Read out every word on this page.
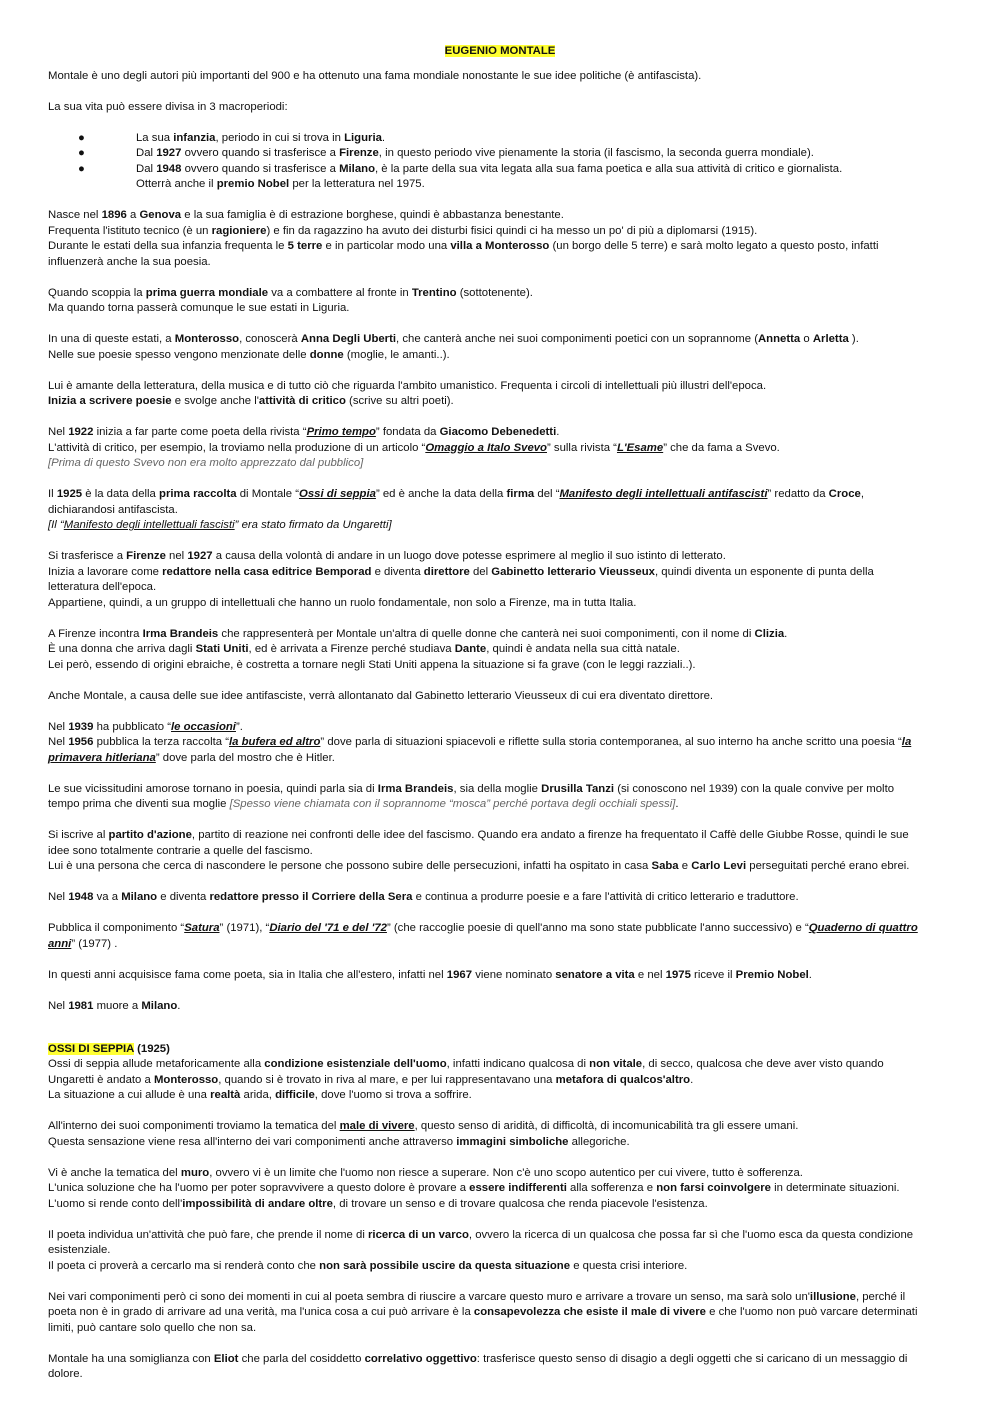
EUGENIO MONTALE

Montale è uno degli autori più importanti del 900 e ha ottenuto una fama mondiale nonostante le sue idee politiche (è antifascista).

La sua vita può essere divisa in 3 macroperiodi:

●	La sua infanzia, periodo in cui si trova in Liguria.
●	Dal 1927 ovvero quando si trasferisce a Firenze, in questo periodo vive pienamente la storia (il fascismo, la seconda guerra mondiale).
●	Dal 1948 ovvero quando si trasferisce a Milano, è la parte della sua vita legata alla sua fama poetica e alla sua attività di critico e giornalista.
Otterrà anche il premio Nobel per la letteratura nel 1975.

Nasce nel 1896 a Genova e la sua famiglia è di estrazione borghese, quindi è abbastanza benestante.
Frequenta l'istituto tecnico (è un ragioniere) e fin da ragazzino ha avuto dei disturbi fisici quindi ci ha messo un po' di più a diplomarsi (1915).
Durante le estati della sua infanzia frequenta le 5 terre e in particolar modo una villa a Monterosso (un borgo delle 5 terre) e sarà molto legato a questo posto, infatti
influenzerà anche la sua poesia.

Quando scoppia la prima guerra mondiale va a combattere al fronte in Trentino (sottotenente).
Ma quando torna passerà comunque le sue estati in Liguria.

In una di queste estati, a Monterosso, conoscerà Anna Degli Uberti, che canterà anche nei suoi componimenti poetici con un soprannome (Annetta o Arletta ).
Nelle sue poesie spesso vengono menzionate delle donne (moglie, le amanti..).

Lui è amante della letteratura, della musica e di tutto ciò che riguarda l'ambito umanistico. Frequenta i circoli di intellettuali più illustri dell'epoca.
Inizia a scrivere poesie e svolge anche l'attività di critico (scrive su altri poeti).

Nel 1922 inizia a far parte come poeta della rivista “Primo tempo” fondata da Giacomo Debenedetti.
L'attività di critico, per esempio, la troviamo nella produzione di un articolo “Omaggio a Italo Svevo” sulla rivista “L'Esame” che da fama a Svevo.
[Prima di questo Svevo non era molto apprezzato dal pubblico]

Il 1925 è la data della prima raccolta di Montale “Ossi di seppia” ed è anche la data della firma del “Manifesto degli intellettuali antifascisti” redatto da Croce,
dichiarandosi antifascista.
[Il “Manifesto degli intellettuali fascisti” era stato firmato da Ungaretti]

Si trasferisce a Firenze nel 1927 a causa della volontà di andare in un luogo dove potesse esprimere al meglio il suo istinto di letterato.
Inizia a lavorare come redattore nella casa editrice Bemporad e diventa direttore del Gabinetto letterario Vieusseux, quindi diventa un esponente di punta della
letteratura dell'epoca.
Appartiene, quindi, a un gruppo di intellettuali che hanno un ruolo fondamentale, non solo a Firenze, ma in tutta Italia.

A Firenze incontra Irma Brandeis che rappresenterà per Montale un'altra di quelle donne che canterà nei suoi componimenti, con il nome di Clizia.
È una donna che arriva dagli Stati Uniti, ed è arrivata a Firenze perché studiava Dante, quindi è andata nella sua città natale.
Lei però, essendo di origini ebraiche, è costretta a tornare negli Stati Uniti appena la situazione si fa grave (con le leggi razziali..).

Anche Montale, a causa delle sue idee antifasciste, verrà allontanato dal Gabinetto letterario Vieusseux di cui era diventato direttore.

Nel 1939 ha pubblicato “le occasioni”.
Nel 1956 pubblica la terza raccolta “la bufera ed altro” dove parla di situazioni spiacevoli e riflette sulla storia contemporanea, al suo interno ha anche scritto una poesia “la
primavera hitleriana” dove parla del mostro che è Hitler.

Le sue vicissitudini amorose tornano in poesia, quindi parla sia di Irma Brandeis, sia della moglie Drusilla Tanzi (si conoscono nel 1939) con la quale convive per molto
tempo prima che diventi sua moglie [Spesso viene chiamata con il soprannome “mosca” perché portava degli occhiali spessi].

Si iscrive al partito d'azione, partito di reazione nei confronti delle idee del fascismo. Quando era andato a firenze ha frequentato il Caffè delle Giubbe Rosse, quindi le sue
idee sono totalmente contrarie a quelle del fascismo.
Lui è una persona che cerca di nascondere le persone che possono subire delle persecuzioni, infatti ha ospitato in casa Saba e Carlo Levi perseguitati perché erano ebrei.

Nel 1948 va a Milano e diventa redattore presso il Corriere della Sera e continua a produrre poesie e a fare l'attività di critico letterario e traduttore.

Pubblica il componimento “Satura” (1971), “Diario del '71 e del '72” (che raccoglie poesie di quell'anno ma sono state pubblicate l'anno successivo) e “Quaderno di quattro
anni” (1977) .

In questi anni acquisisce fama come poeta, sia in Italia che all'estero, infatti nel 1967 viene nominato senatore a vita e nel 1975 riceve il Premio Nobel.

Nel 1981 muore a Milano.

OSSI DI SEPPIA (1925)
Ossi di seppia allude metaforicamente alla condizione esistenziale dell'uomo, infatti indicano qualcosa di non vitale, di secco, qualcosa che deve aver visto quando
Ungaretti è andato a Monterosso, quando si è trovato in riva al mare, e per lui rappresentavano una metafora di qualcos'altro.
La situazione a cui allude è una realtà arida, difficile, dove l'uomo si trova a soffrire.

All'interno dei suoi componimenti troviamo la tematica del male di vivere, questo senso di aridità, di difficoltà, di incomunicabilità tra gli essere umani.
Questa sensazione viene resa all'interno dei vari componimenti anche attraverso immagini simboliche allegoriche.

Vi è anche la tematica del muro, ovvero vi è un limite che l'uomo non riesce a superare. Non c'è uno scopo autentico per cui vivere, tutto è sofferenza.
L'unica soluzione che ha l'uomo per poter sopravvivere a questo dolore è provare a essere indifferenti alla sofferenza e non farsi coinvolgere in determinate situazioni.
L'uomo si rende conto dell'impossibilità di andare oltre, di trovare un senso e di trovare qualcosa che renda piacevole l'esistenza.

Il poeta individua un'attività che può fare, che prende il nome di ricerca di un varco, ovvero la ricerca di un qualcosa che possa far sì che l'uomo esca da questa condizione
esistenziale.
Il poeta ci proverà a cercarlo ma si renderà conto che non sarà possibile uscire da questa situazione e questa crisi interiore.

Nei vari componimenti però ci sono dei momenti in cui al poeta sembra di riuscire a varcare questo muro e arrivare a trovare un senso, ma sarà solo un'illusione, perché il
poeta non è in grado di arrivare ad una verità, ma l'unica cosa a cui può arrivare è la consapevolezza che esiste il male di vivere e che l'uomo non può varcare determinati
limiti, può cantare solo quello che non sa.

Montale ha una somiglianza con Eliot che parla del cosiddetto correlativo oggettivo: trasferisce questo senso di disagio a degli oggetti che si caricano di un messaggio di
dolore.
